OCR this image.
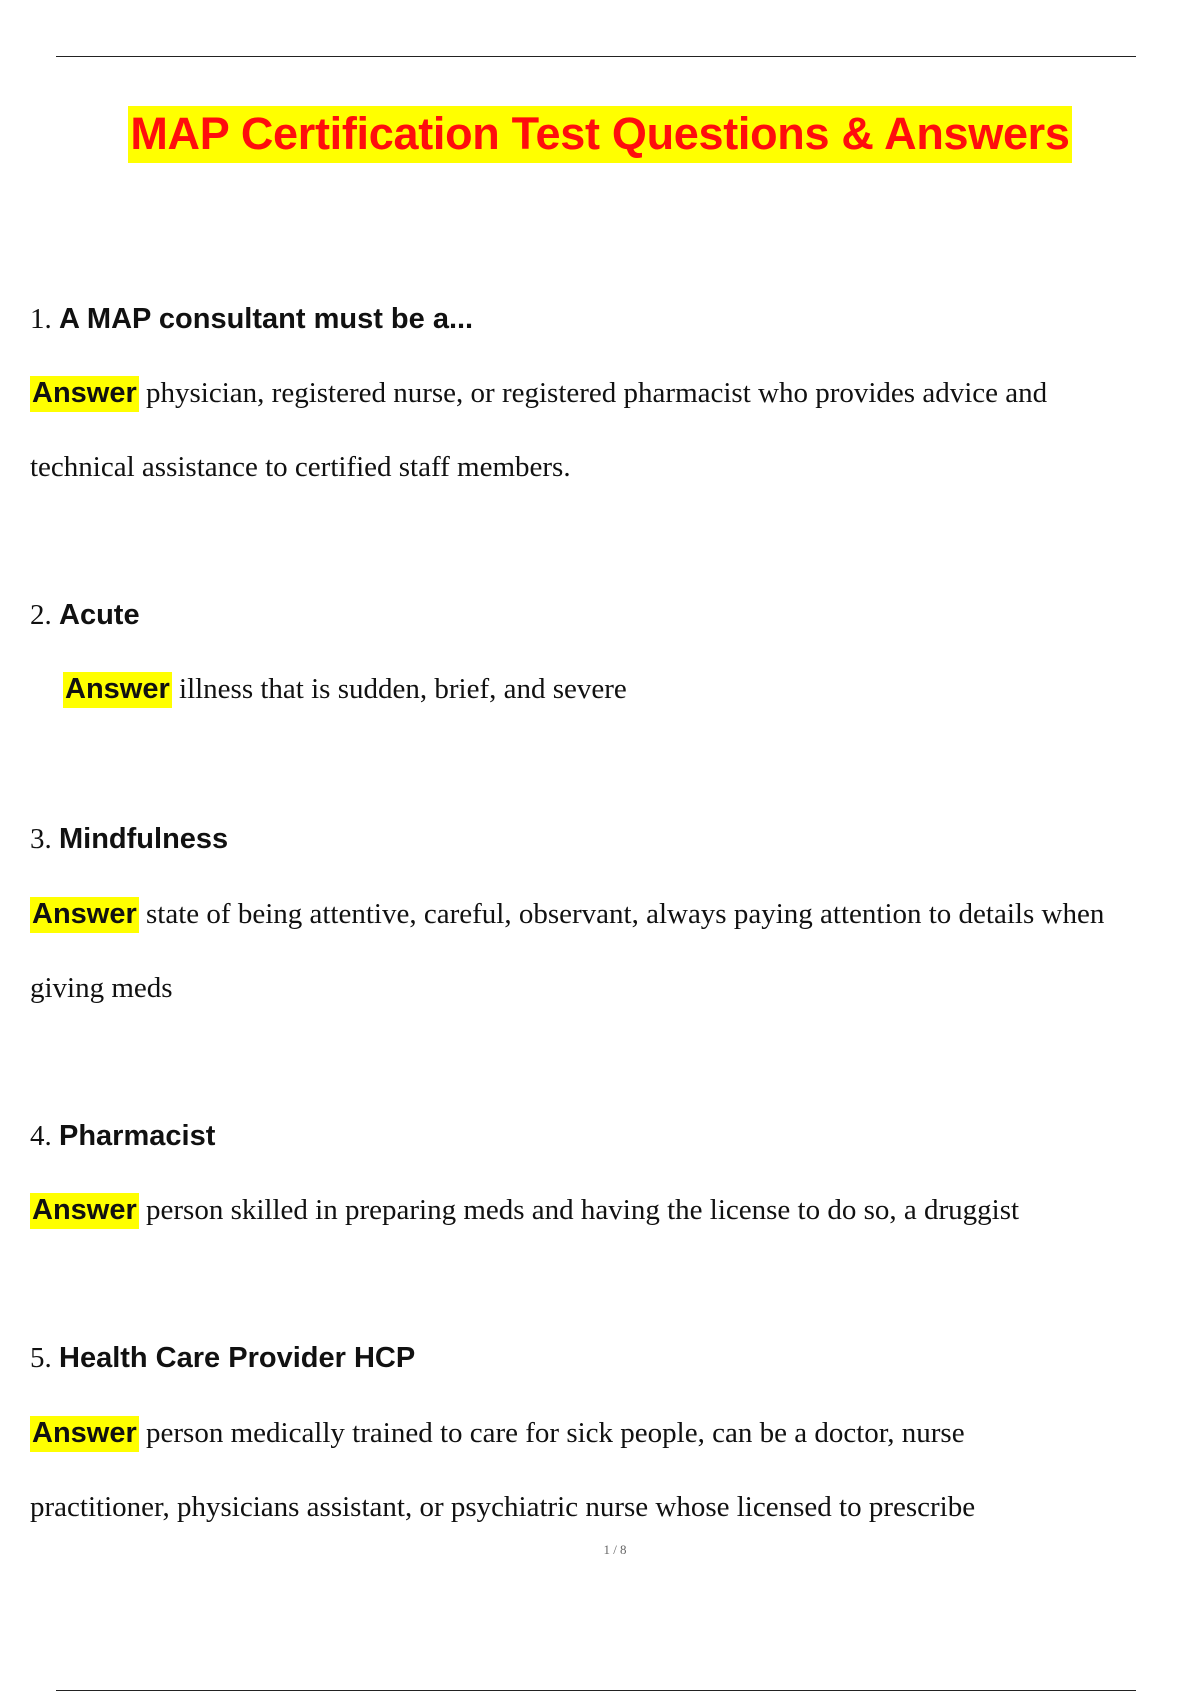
MAP Certification Test Questions & Answers
1. A MAP consultant must be a...
Answer physician, registered nurse, or registered pharmacist who provides advice and
technical assistance to certified staff members.
2. Acute
Answer illness that is sudden, brief, and severe
3. Mindfulness
Answer state of being attentive, careful, observant, always paying attention to details when
giving meds
4. Pharmacist
Answer person skilled in preparing meds and having the license to do so, a druggist
5. Health Care Provider HCP
Answer person medically trained to care for sick people, can be a doctor, nurse
practitioner, physicians assistant, or psychiatric nurse whose licensed to prescribe
1 / 8
